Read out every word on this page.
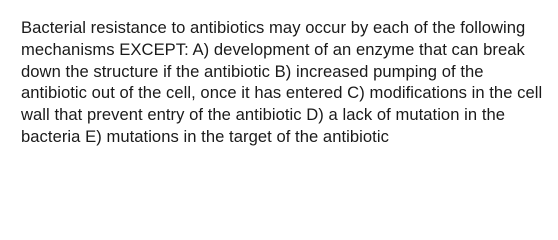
Bacterial resistance to antibiotics may occur by each of the following mechanisms EXCEPT: A) development of an enzyme that can break down the structure if the antibiotic B) increased pumping of the antibiotic out of the cell, once it has entered C) modifications in the cell wall that prevent entry of the antibiotic D) a lack of mutation in the bacteria E) mutations in the target of the antibiotic
